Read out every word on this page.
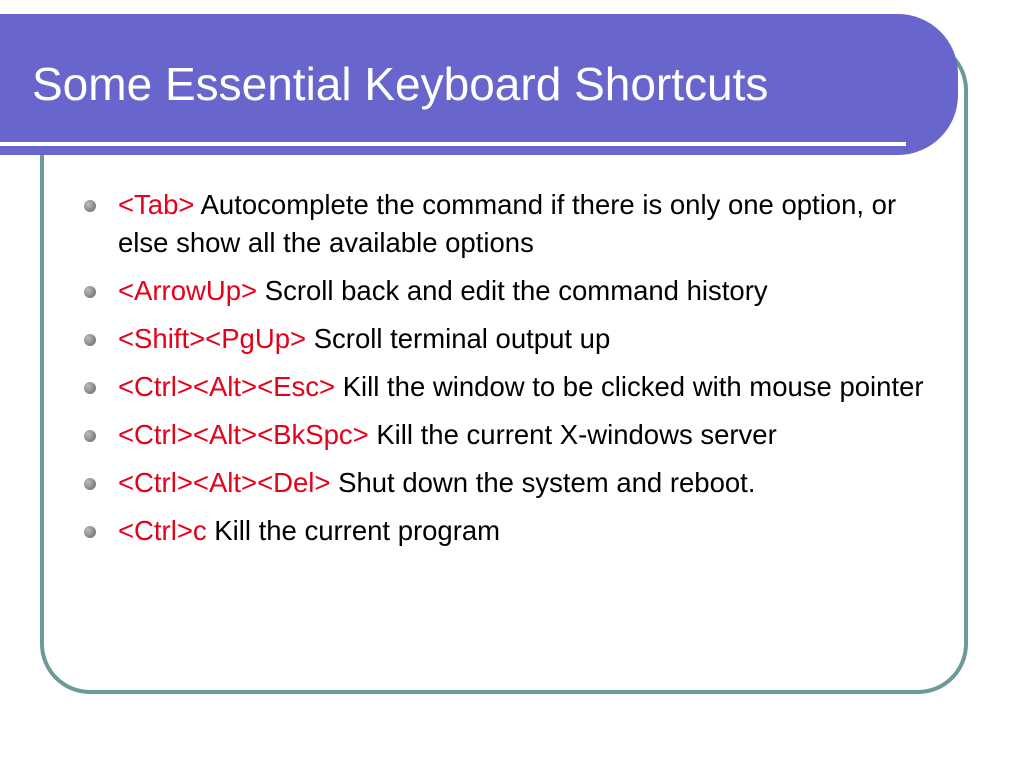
Some Essential Keyboard Shortcuts
<Tab> Autocomplete the command if there is only one option, or else show all the available options
<ArrowUp> Scroll back and edit the command history
<Shift><PgUp> Scroll terminal output up
<Ctrl><Alt><Esc> Kill the window to be clicked with mouse pointer
<Ctrl><Alt><BkSpc> Kill the current X-windows server
<Ctrl><Alt><Del> Shut down the system and reboot.
<Ctrl>c Kill the current program
